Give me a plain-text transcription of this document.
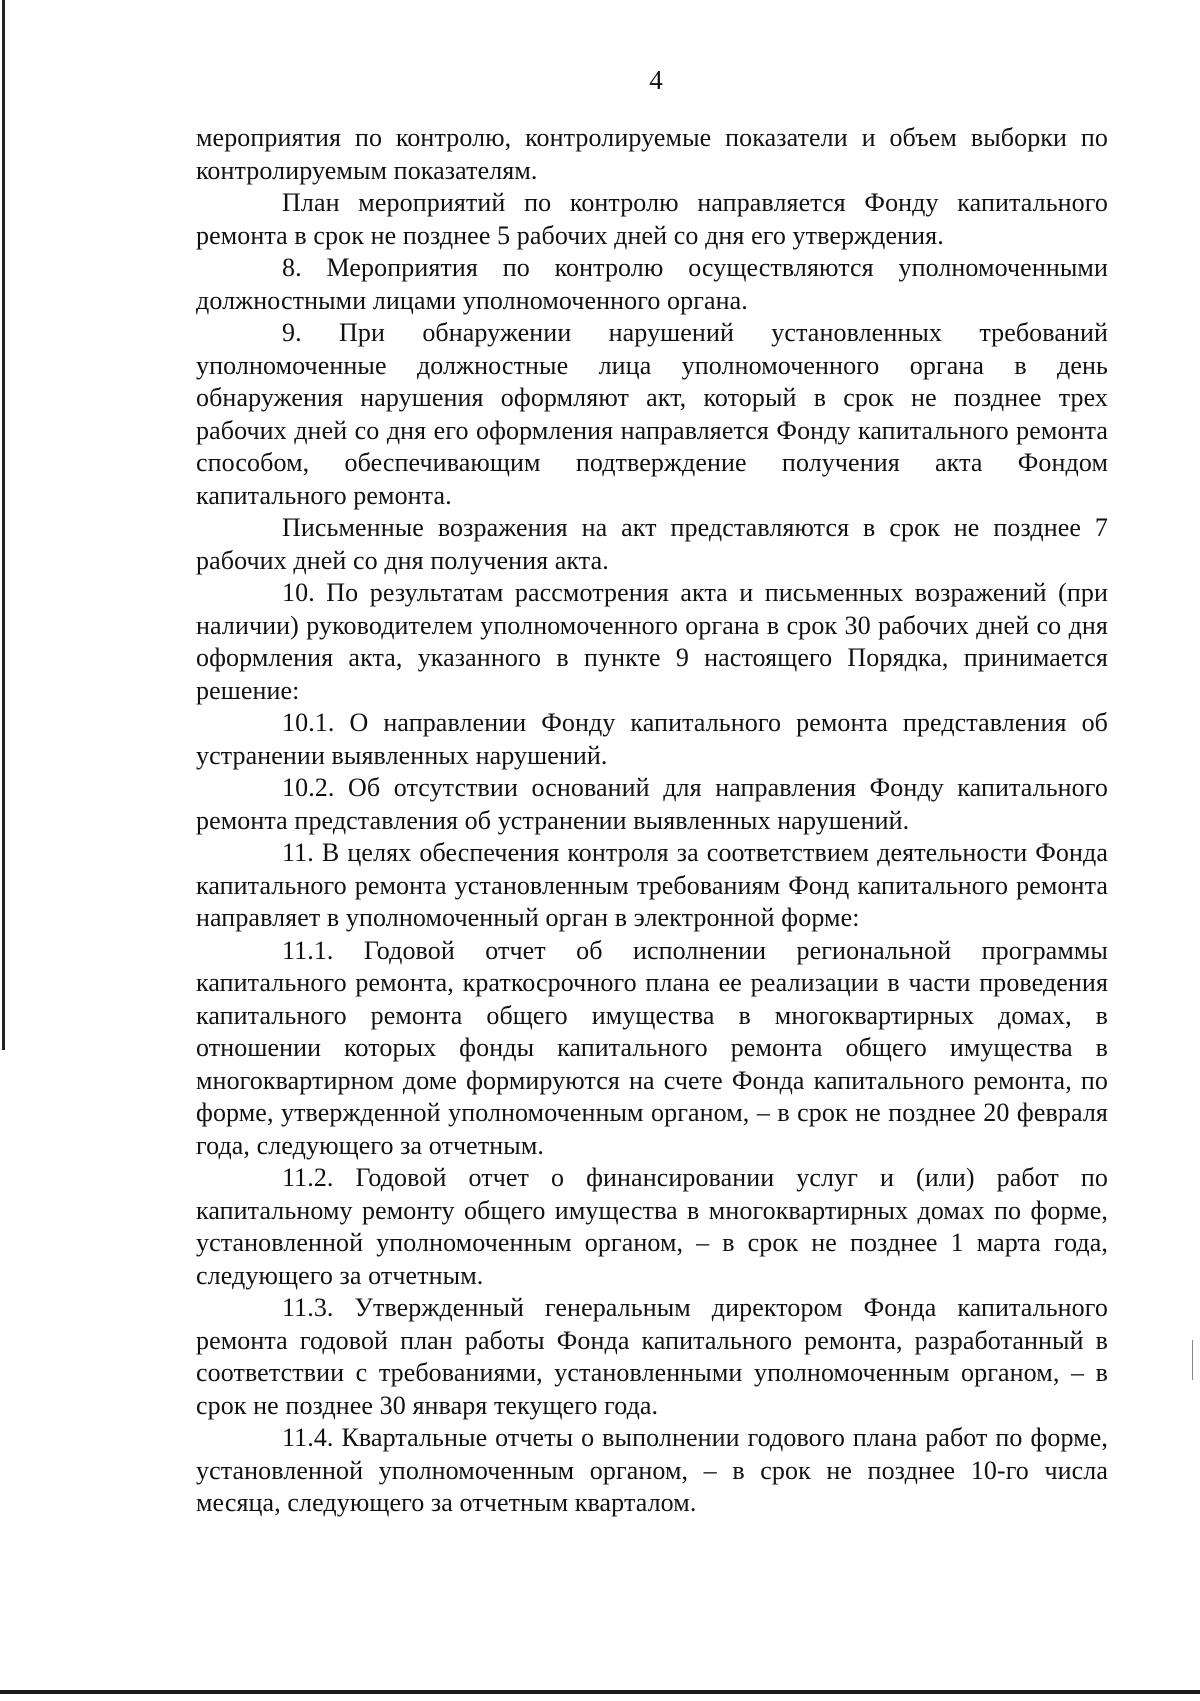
4

мероприятия по контролю, контролируемые показатели и объем выборки по контролируемым показателям.

План мероприятий по контролю направляется Фонду капитального ремонта в срок не позднее 5 рабочих дней со дня его утверждения.

8. Мероприятия по контролю осуществляются уполномоченными должностными лицами уполномоченного органа.

9. При обнаружении нарушений установленных требований уполномоченные должностные лица уполномоченного органа в день обнаружения нарушения оформляют акт, который в срок не позднее трех рабочих дней со дня его оформления направляется Фонду капитального ремонта способом, обеспечивающим подтверждение получения акта Фондом капитального ремонта.

Письменные возражения на акт представляются в срок не позднее 7 рабочих дней со дня получения акта.

10. По результатам рассмотрения акта и письменных возражений (при наличии) руководителем уполномоченного органа в срок 30 рабочих дней со дня оформления акта, указанного в пункте 9 настоящего Порядка, принимается решение:

10.1. О направлении Фонду капитального ремонта представления об устранении выявленных нарушений.

10.2. Об отсутствии оснований для направления Фонду капитального ремонта представления об устранении выявленных нарушений.

11. В целях обеспечения контроля за соответствием деятельности Фонда капитального ремонта установленным требованиям Фонд капитального ремонта направляет в уполномоченный орган в электронной форме:

11.1. Годовой отчет об исполнении региональной программы капитального ремонта, краткосрочного плана ее реализации в части проведения капитального ремонта общего имущества в многоквартирных домах, в отношении которых фонды капитального ремонта общего имущества в многоквартирном доме формируются на счете Фонда капитального ремонта, по форме, утвержденной уполномоченным органом, – в срок не позднее 20 февраля года, следующего за отчетным.

11.2. Годовой отчет о финансировании услуг и (или) работ по капитальному ремонту общего имущества в многоквартирных домах по форме, установленной уполномоченным органом, – в срок не позднее 1 марта года, следующего за отчетным.

11.3. Утвержденный генеральным директором Фонда капитального ремонта годовой план работы Фонда капитального ремонта, разработанный в соответствии с требованиями, установленными уполномоченным органом, – в срок не позднее 30 января текущего года.

11.4. Квартальные отчеты о выполнении годового плана работ по форме, установленной уполномоченным органом, – в срок не позднее 10-го числа месяца, следующего за отчетным кварталом.
